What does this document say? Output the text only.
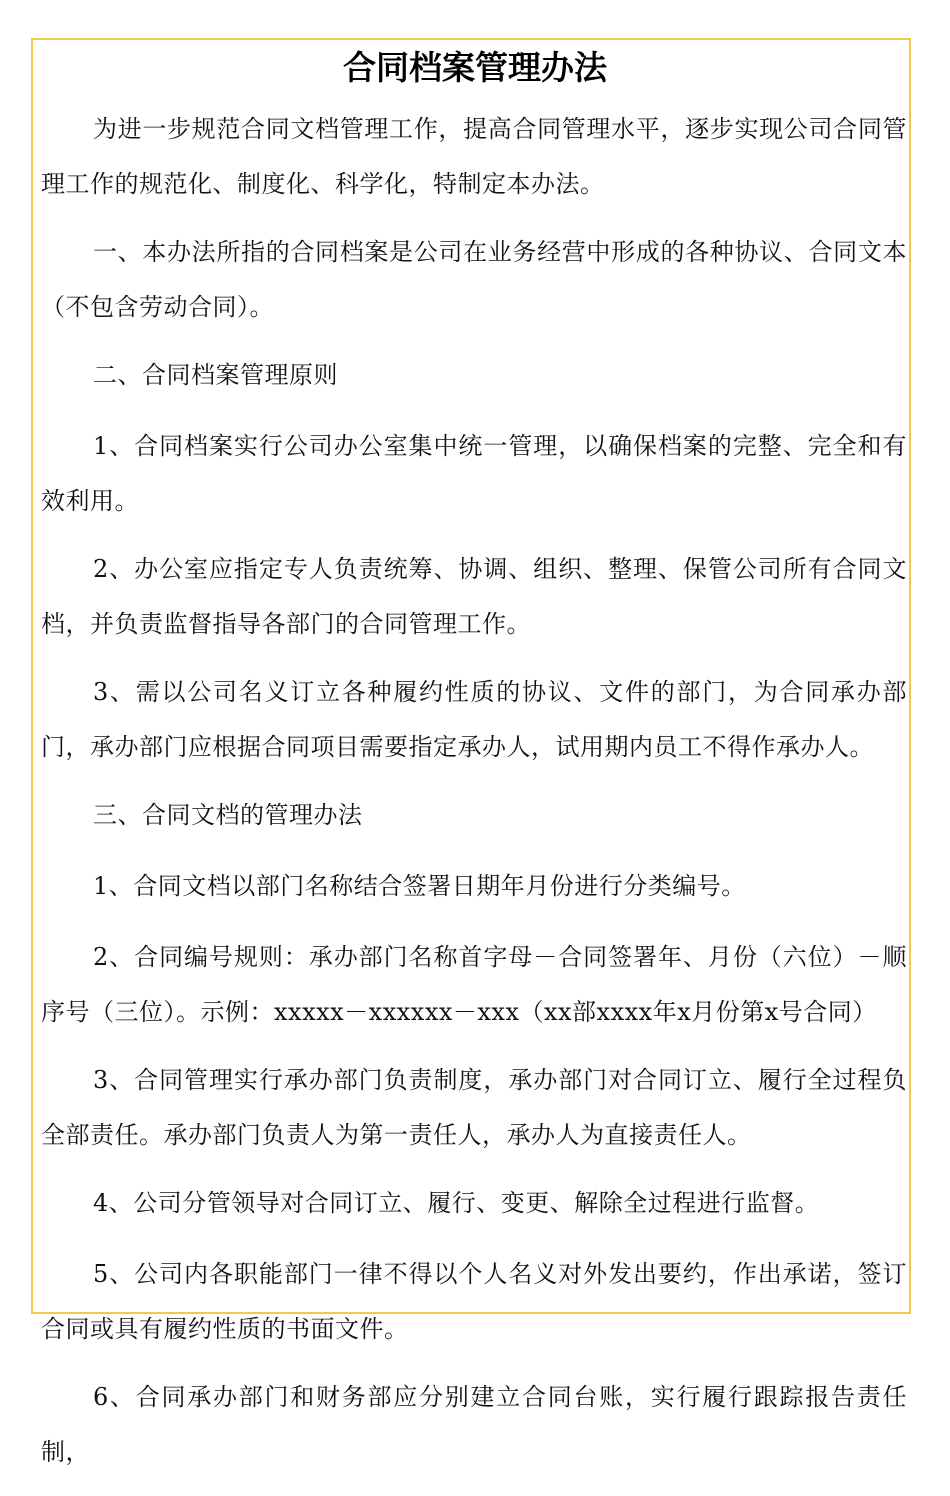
合同档案管理办法

为进一步规范合同文档管理工作，提高合同管理水平，逐步实现公司合同管理工作的规范化、制度化、科学化，特制定本办法。

一、本办法所指的合同档案是公司在业务经营中形成的各种协议、合同文本（不包含劳动合同）。

二、合同档案管理原则

1、合同档案实行公司办公室集中统一管理，以确保档案的完整、完全和有效利用。

2、办公室应指定专人负责统筹、协调、组织、整理、保管公司所有合同文档，并负责监督指导各部门的合同管理工作。

3、需以公司名义订立各种履约性质的协议、文件的部门，为合同承办部门，承办部门应根据合同项目需要指定承办人，试用期内员工不得作承办人。

三、合同文档的管理办法

1、合同文档以部门名称结合签署日期年月份进行分类编号。

2、合同编号规则：承办部门名称首字母－合同签署年、月份（六位）－顺序号（三位）。示例：xxxxx－xxxxxx－xxx（xx部xxxx年x月份第x号合同）

3、合同管理实行承办部门负责制度，承办部门对合同订立、履行全过程负全部责任。承办部门负责人为第一责任人，承办人为直接责任人。

4、公司分管领导对合同订立、履行、变更、解除全过程进行监督。

5、公司内各职能部门一律不得以个人名义对外发出要约，作出承诺，签订合同或具有履约性质的书面文件。

6、合同承办部门和财务部应分别建立合同台账，实行履行跟踪报告责任制，
